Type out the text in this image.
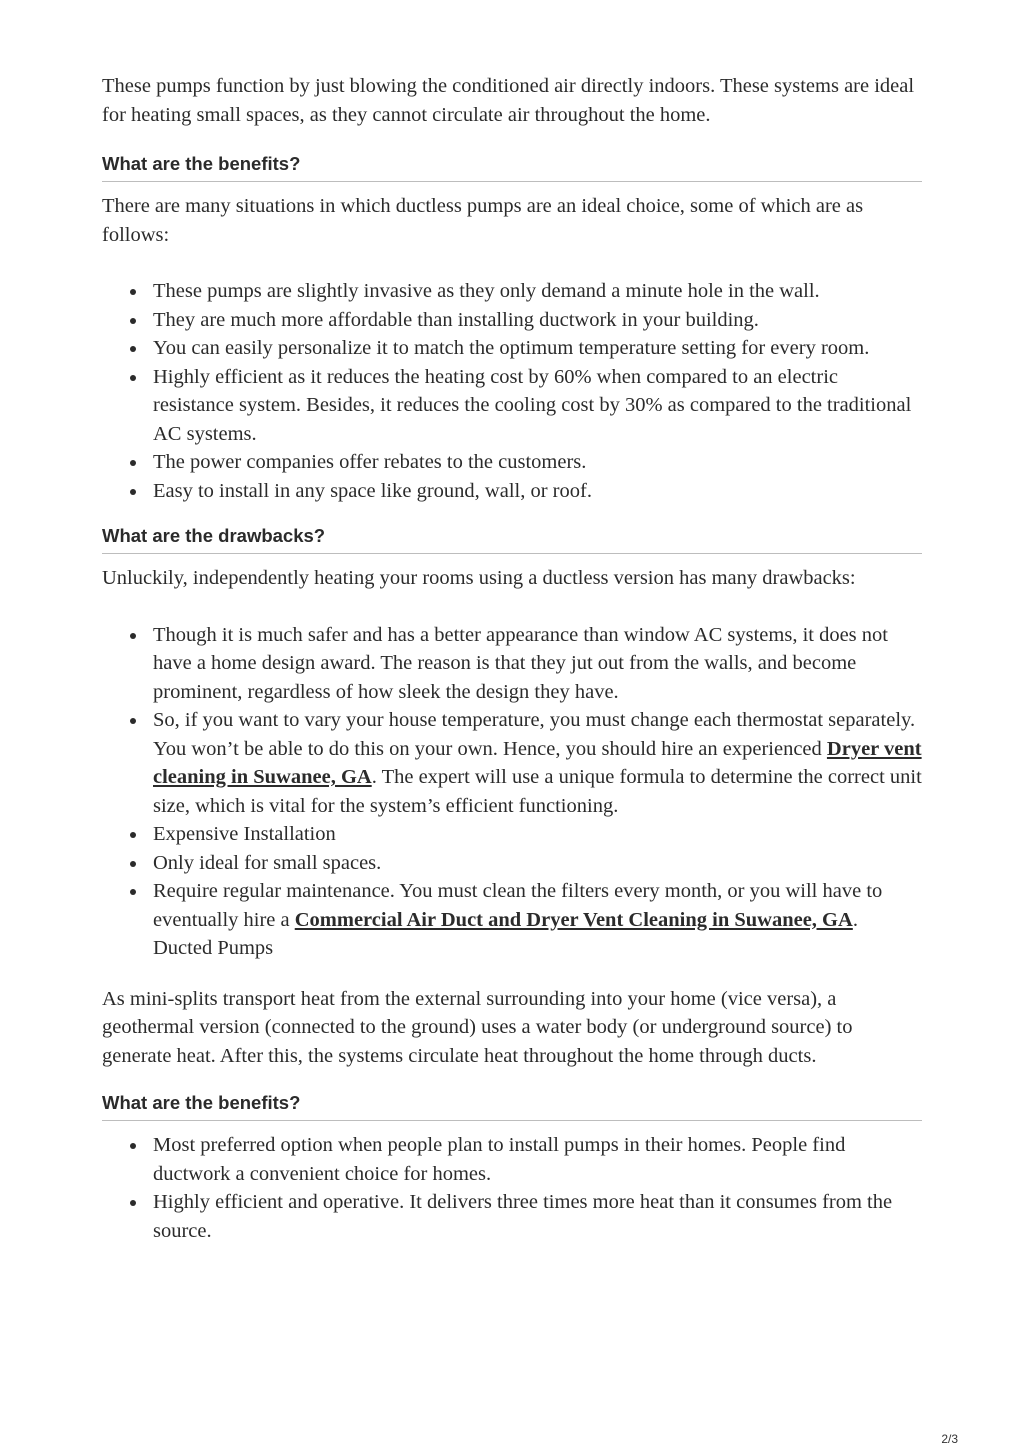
These pumps function by just blowing the conditioned air directly indoors. These systems are ideal for heating small spaces, as they cannot circulate air throughout the home.

What are the benefits?

There are many situations in which ductless pumps are an ideal choice, some of which are as follows:

These pumps are slightly invasive as they only demand a minute hole in the wall.
They are much more affordable than installing ductwork in your building.
You can easily personalize it to match the optimum temperature setting for every room.
Highly efficient as it reduces the heating cost by 60% when compared to an electric resistance system. Besides, it reduces the cooling cost by 30% as compared to the traditional AC systems.
The power companies offer rebates to the customers.
Easy to install in any space like ground, wall, or roof.
What are the drawbacks?

Unluckily, independently heating your rooms using a ductless version has many drawbacks:

Though it is much safer and has a better appearance than window AC systems, it does not have a home design award. The reason is that they jut out from the walls, and become prominent, regardless of how sleek the design they have.
So, if you want to vary your house temperature, you must change each thermostat separately. You won’t be able to do this on your own. Hence, you should hire an experienced Dryer vent cleaning in Suwanee, GA. The expert will use a unique formula to determine the correct unit size, which is vital for the system’s efficient functioning.
Expensive Installation
Only ideal for small spaces.
Require regular maintenance. You must clean the filters every month, or you will have to eventually hire a Commercial Air Duct and Dryer Vent Cleaning in Suwanee, GA. Ducted Pumps

As mini-splits transport heat from the external surrounding into your home (vice versa), a geothermal version (connected to the ground) uses a water body (or underground source) to generate heat. After this, the systems circulate heat throughout the home through ducts.

What are the benefits?
Most preferred option when people plan to install pumps in their homes. People find ductwork a convenient choice for homes.
Highly efficient and operative. It delivers three times more heat than it consumes from the source.
2/3
